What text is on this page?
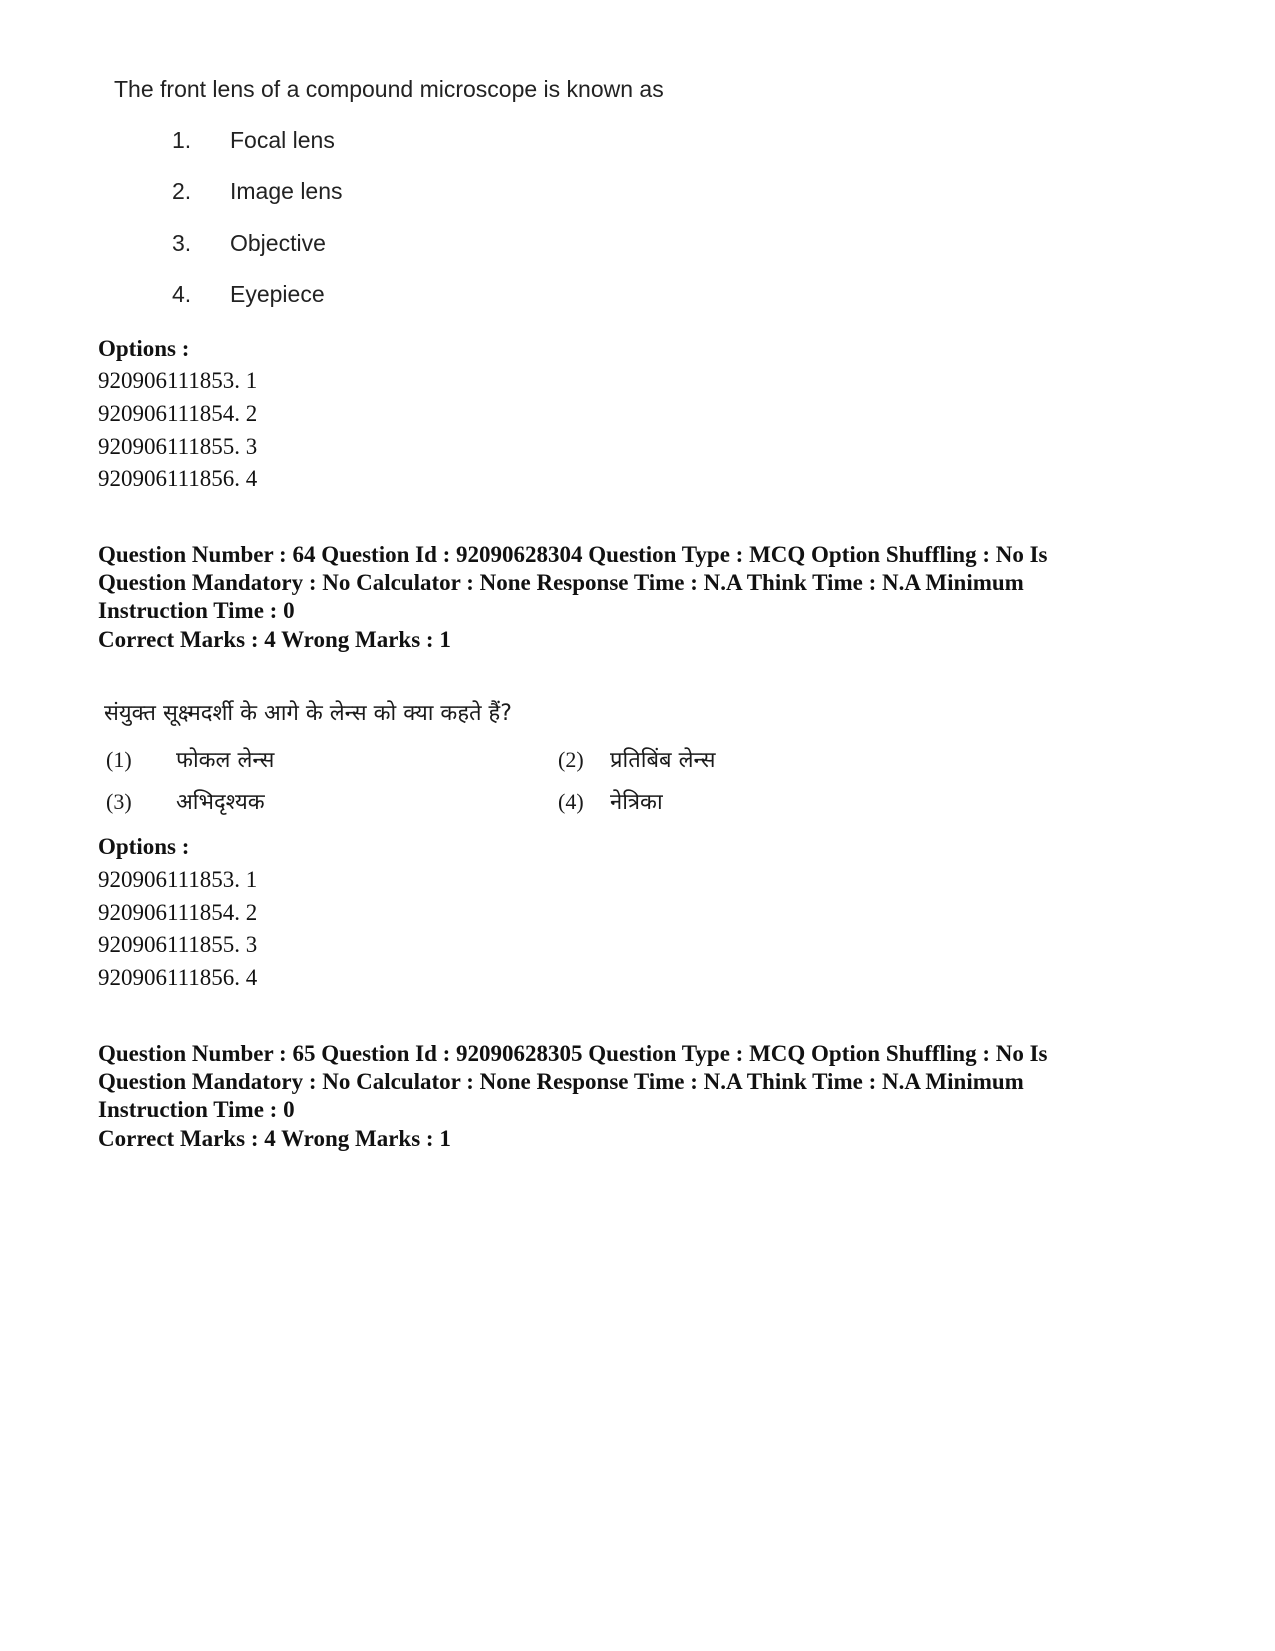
The front lens of a compound microscope is known as
1. Focal lens
2. Image lens
3. Objective
4. Eyepiece
Options :
920906111853. 1
920906111854. 2
920906111855. 3
920906111856. 4
Question Number : 64 Question Id : 92090628304 Question Type : MCQ Option Shuffling : No Is
Question Mandatory : No Calculator : None Response Time : N.A Think Time : N.A Minimum
Instruction Time : 0
Correct Marks : 4 Wrong Marks : 1
संयुक्त सूक्ष्मदर्शी के आगे के लेन्स को क्या कहते हैं?
(1) फोकल लेन्स	(2) प्रतिबिंब लेन्स
(3) अभिदृश्यक	(4) नेत्रिका
Options :
920906111853. 1
920906111854. 2
920906111855. 3
920906111856. 4
Question Number : 65 Question Id : 92090628305 Question Type : MCQ Option Shuffling : No Is
Question Mandatory : No Calculator : None Response Time : N.A Think Time : N.A Minimum
Instruction Time : 0
Correct Marks : 4 Wrong Marks : 1
